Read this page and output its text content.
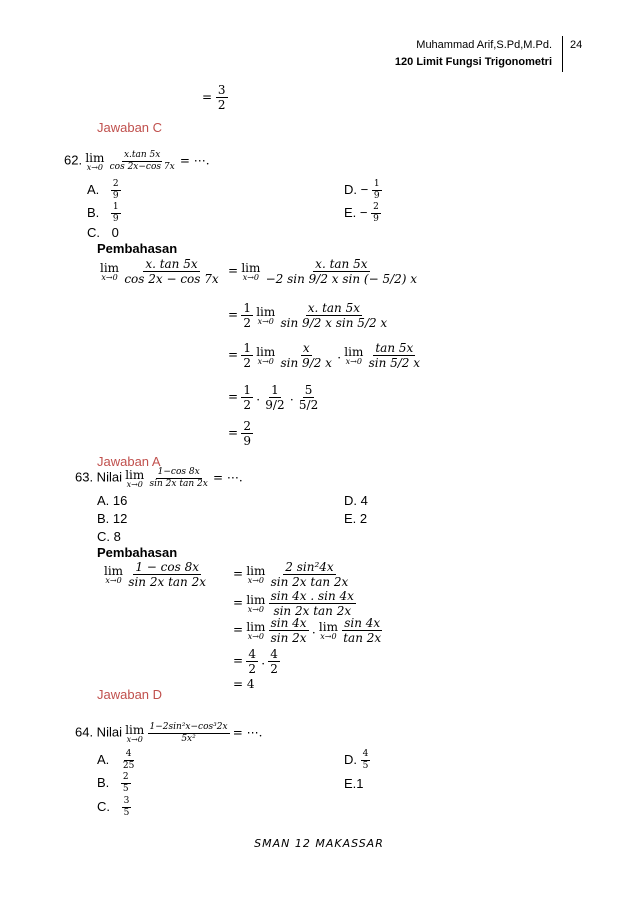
Muhammad Arif,S.Pd,M.Pd.
120 Limit Fungsi Trigonometri
24
= $\frac{3}{2}$
Jawaban C
62. lim
x→0
$\frac{x.\tan 5x}{\cos 2x-\cos 7x}$ = ⋯.
A. $\frac{2}{9}$
B. $\frac{1}{9}$
C. 0
D. − $\frac{1}{9}$
E. − $\frac{2}{9}$
Pembahasan
lim
x→0
$\frac{x. \tan 5x}{\cos 2x - \cos 7x} = \lim$
x→0
$\frac{x. \tan 5x}{\text{−2 sin 9/2 x sin (− 5/2) x}}$
= $\frac{1}{2}$
lim
x→0
$\frac{x. \tan 5x}{\text{sin 9/2 x sin 5/2 x}}$
= $\frac{1}{2}$
lim
x→0
$\frac{x}{\sin 9/2 x}$ . lim
x→0
$\frac{\tan 5x}{\sin 5/2 x}$
= $\frac{1}{2}$ . $\frac{1}{9/2}$ . $\frac{5}{5/2}$
= $\frac{2}{9}$
Jawaban A
63. Nilai lim
x→0
$\frac{1-\cos 8x}{\text{sin 2x tan 2x}}$ = ⋯.
A. 16
B. 12
C. 8
D. 4
E. 2
Pembahasan
lim
x→0
$\frac{1 - \cos 8x}{\text{sin 2x tan 2x}} = \lim$
x→0
$\frac{\text{2 sin²4x}}{\text{sin 2x tan 2x}}$
= lim
x→0
$\frac{\sin 4x . \sin 4x}{\text{sin 2x tan 2x}}$
= lim
x→0
$\frac{\sin 4x}{\sin 2x}$ . lim
x→0
$\frac{\sin 4x}{\tan 2x}$
= $\frac{4}{2}$ . $\frac{4}{2}$
= 4
Jawaban D
64. Nilai lim
x→0
$\frac{\text{1−2sin²x−cos³2x}}{\text{5x²}}$ = ⋯.
A. $\frac{4}{25}$
B. $\frac{2}{5}$
C. $\frac{3}{5}$
D. $\frac{4}{5}$
E.1
SMAN 12 MAKASSAR
